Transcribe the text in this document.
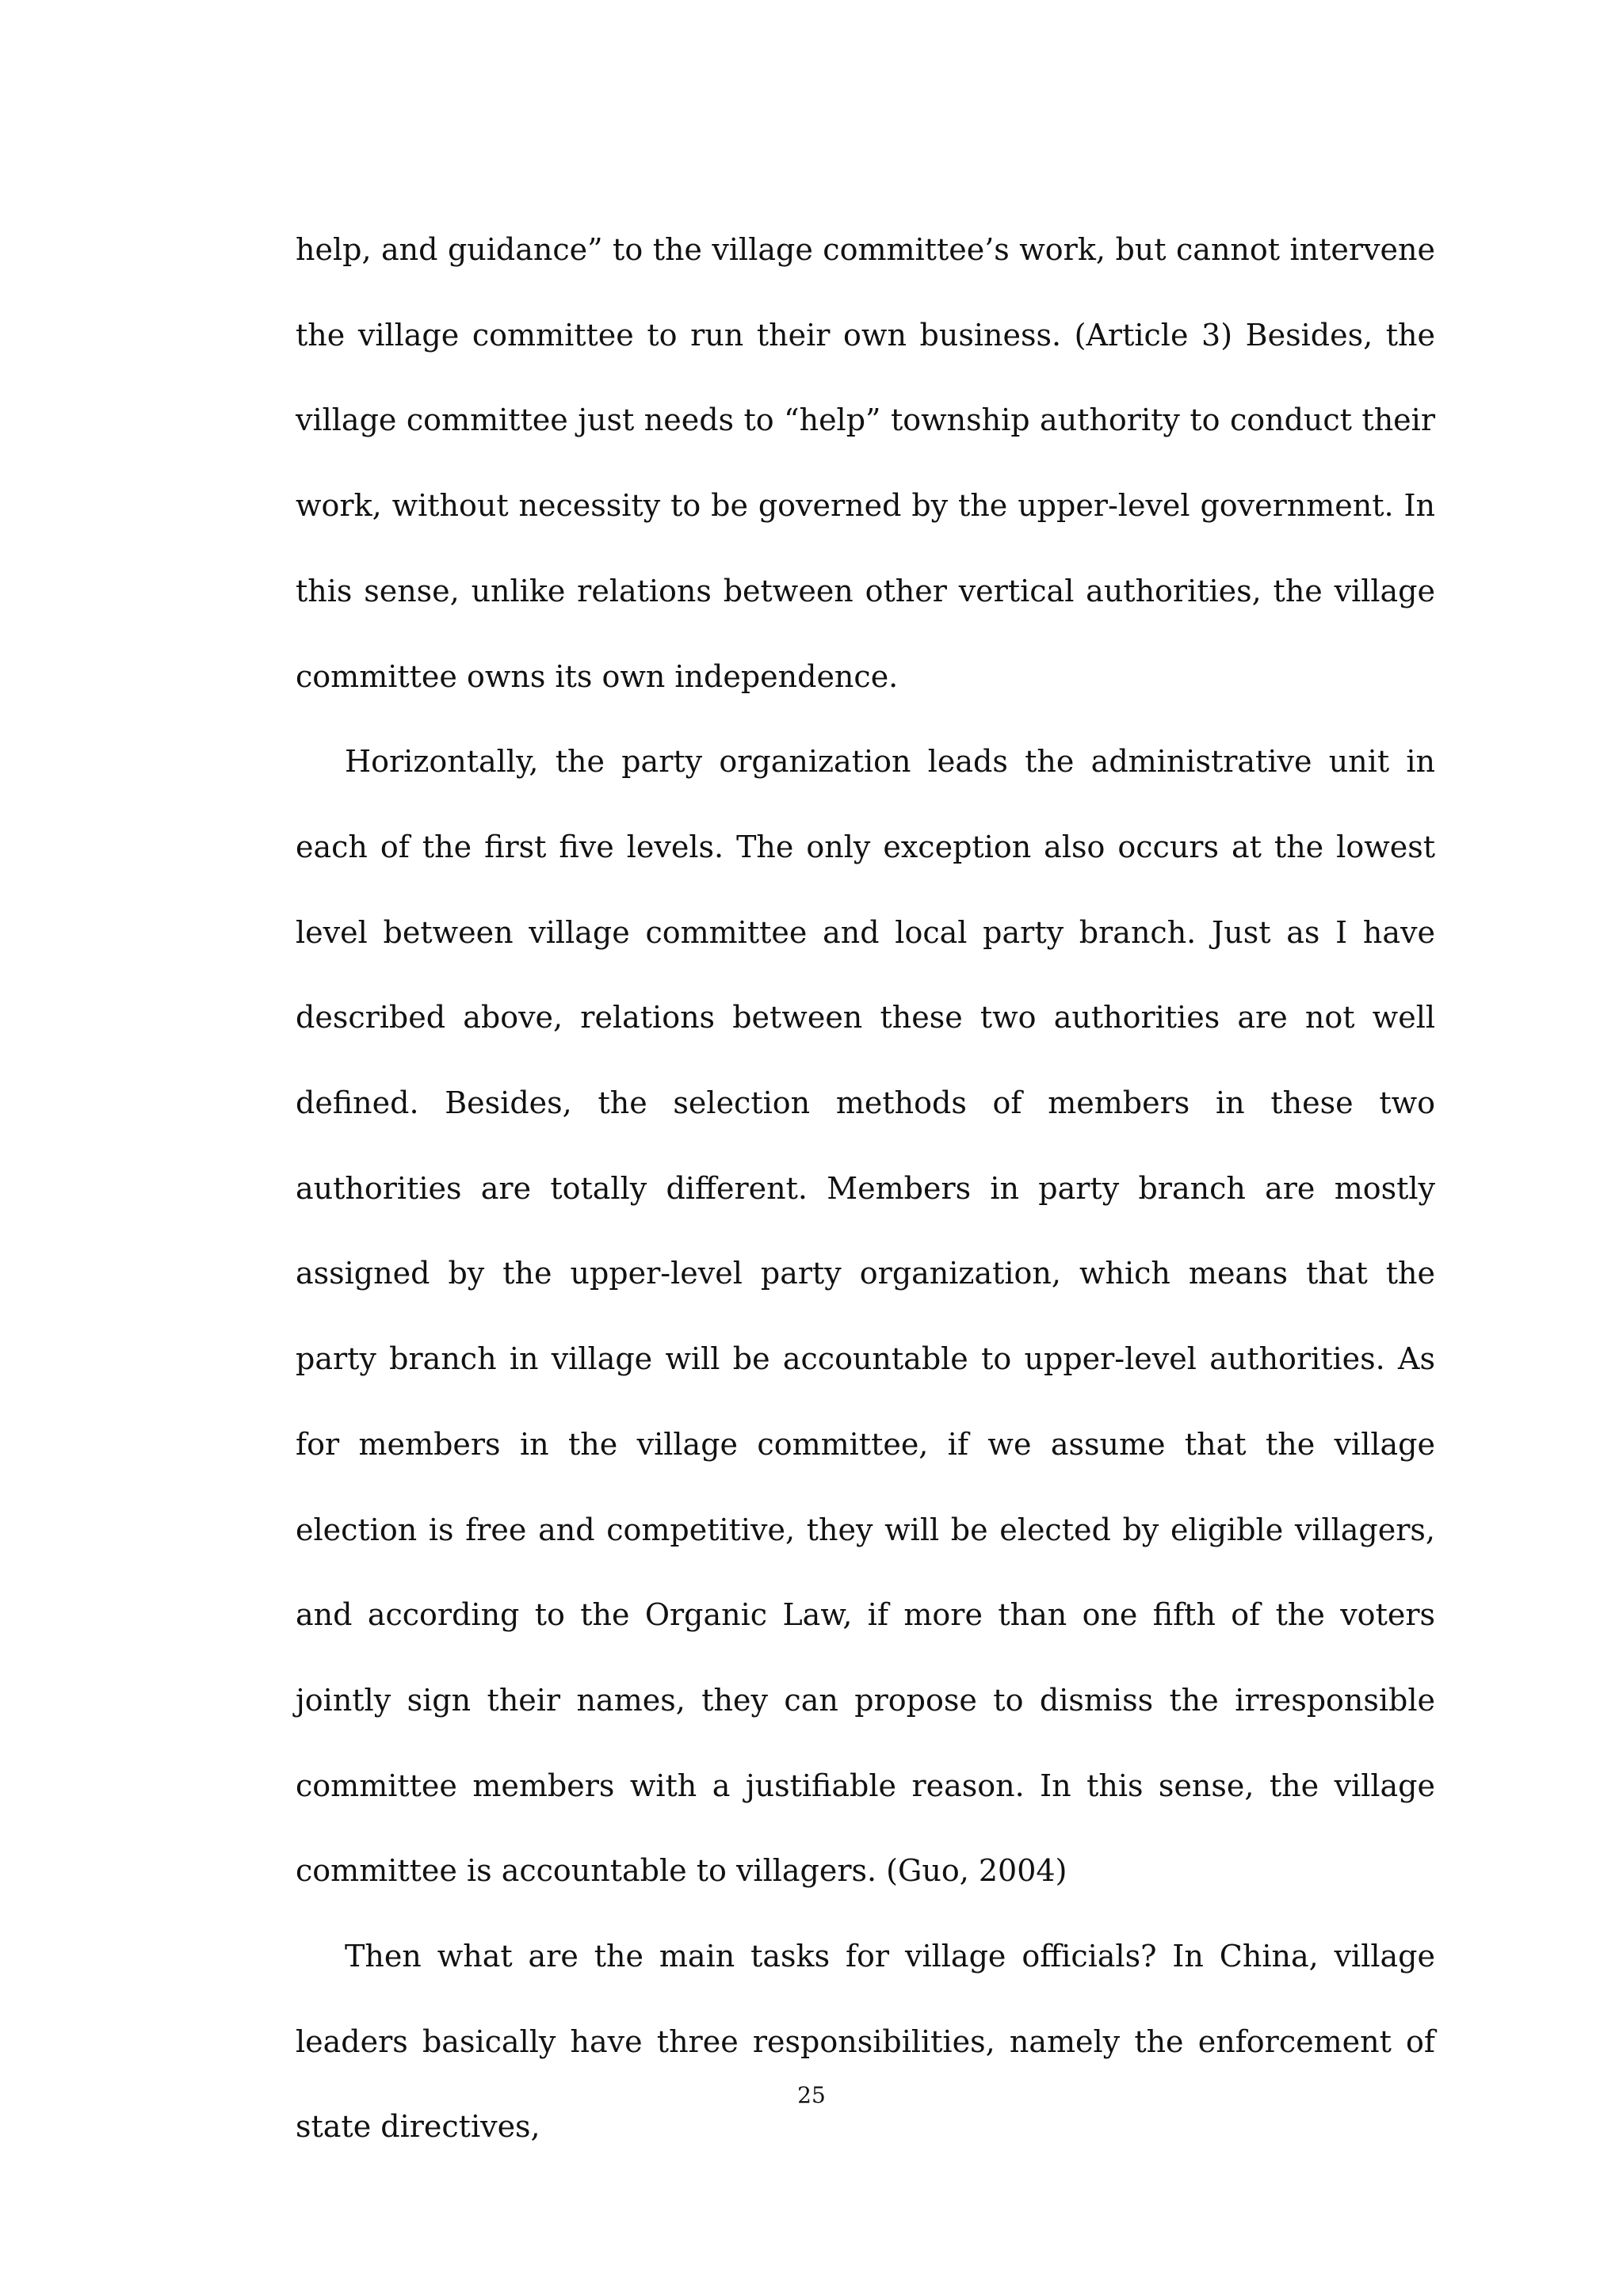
help, and guidance” to the village committee’s work, but cannot intervene the village committee to run their own business. (Article 3) Besides, the village committee just needs to “help” township authority to conduct their work, without necessity to be governed by the upper-level government. In this sense, unlike relations between other vertical authorities, the village committee owns its own independence.

Horizontally, the party organization leads the administrative unit in each of the first five levels. The only exception also occurs at the lowest level between village committee and local party branch. Just as I have described above, relations between these two authorities are not well defined. Besides, the selection methods of members in these two authorities are totally different. Members in party branch are mostly assigned by the upper-level party organization, which means that the party branch in village will be accountable to upper-level authorities. As for members in the village committee, if we assume that the village election is free and competitive, they will be elected by eligible villagers, and according to the Organic Law, if more than one fifth of the voters jointly sign their names, they can propose to dismiss the irresponsible committee members with a justifiable reason. In this sense, the village committee is accountable to villagers. (Guo, 2004)

Then what are the main tasks for village officials? In China, village leaders basically have three responsibilities, namely the enforcement of state directives,

25
